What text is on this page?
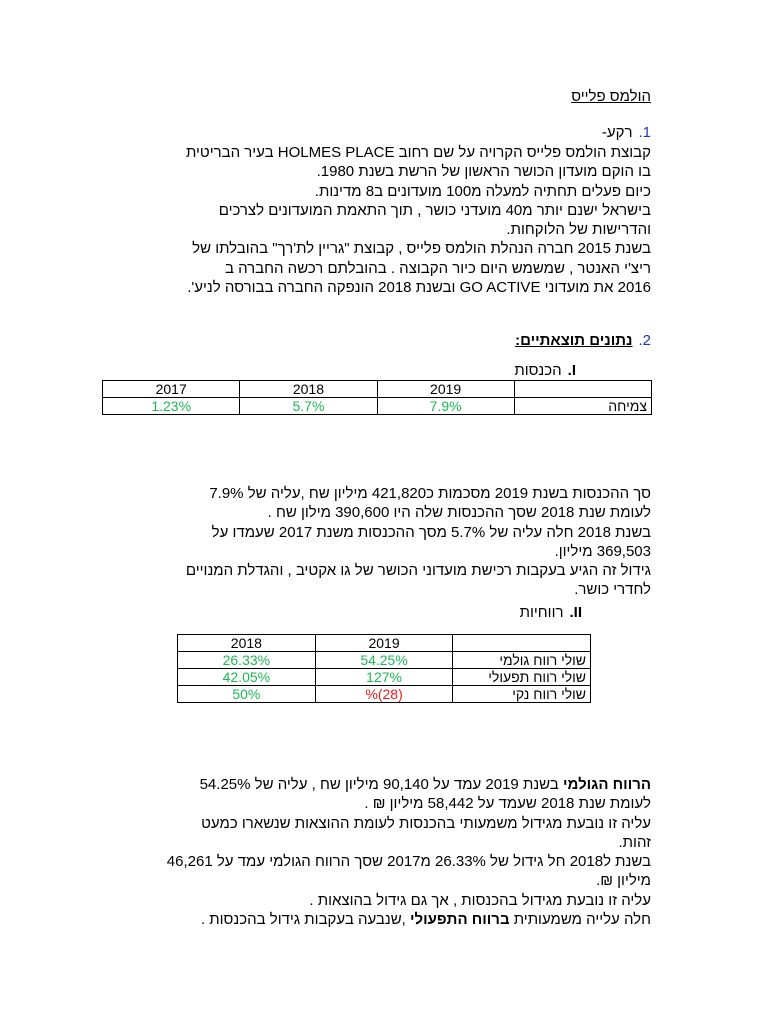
הולמס פלייס
1.רקע-

קבוצת הולמס פלייס הקרויה על שם רחוב HOLMES PLACE בעיר הבריטית

בו הוקם מועדון הכושר הראשון של הרשת בשנת 1980.

כיום פעלים תחתיה למעלה מ100 מועדונים ב8 מדינות.

בישראל ישנם יותר מ40 מועדני כושר , תוך התאמת המועדונים לצרכים

והדרישות של הלוקחות.

בשנת 2015 חברה הנהלת הולמס פלייס , קבוצת "גריין לת'רך" בהובלתו של

ריצ'י האנטר , שמשמש היום כיור הקבוצה . בהובלתם רכשה החברה ב

2016 את מועדוני GO ACTIVE ובשנת 2018 הונפקה החברה בבורסה לניע'.

2.נתונים תוצאתיים:
I.הכנסות
	2019	2018	2017
צמיחה	7.9%	5.7%	1.23%

סך ההכנסות בשנת 2019 מסכמות כ421,820 מיליון שח ,עליה של 7.9%

לעומת שנת 2018 שסך ההכנסות שלה היו 390,600 מילון שח .

בשנת 2018 חלה עליה של 5.7% מסך ההכנסות משנת 2017 שעמדו על

369,503 מיליון.

גידול זה הגיע בעקבות רכישת מועדוני הכושר של גו אקטיב , והגדלת המנויים

לחדרי כושר.

II.רווחיות
	2019	2018
שולי רווח גולמי	54.25%	26.33%
שולי רווח תפעולי	127%	42.05%
שולי רווח נקי	(28)%	50%

הרווח הגולמי בשנת 2019 עמד על 90,140 מיליון שח , עליה של 54.25%

לעומת שנת 2018 שעמד על 58,442 מיליון ₪ .

עליה זו נובעת מגידול משמעותי בהכנסות לעומת ההוצאות שנשארו כמעט

זהות.

בשנת ל2018 חל גידול של 26.33% מ2017 שסך הרווח הגולמי עמד על 46,261

מיליון ₪.

עליה זו נובעת מגידול בהכנסות , אך גם גידול בהוצאות .

חלה עלייה משמעותית ברווח התפעולי ,שנבעה בעקבות גידול בהכנסות .
